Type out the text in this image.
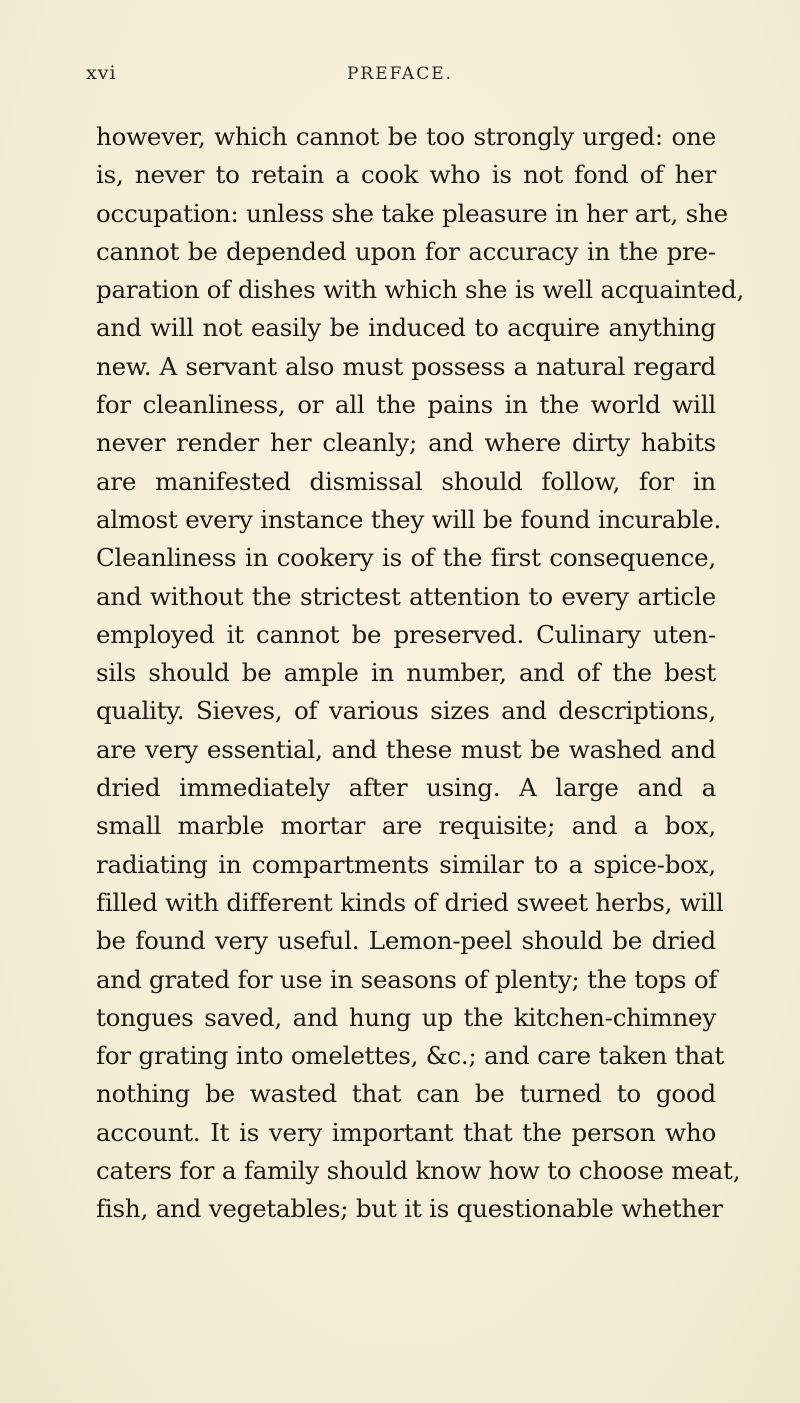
xvi	PREFACE.
however, which cannot be too strongly urged: one
is, never to retain a cook who is not fond of her
occupation: unless she take pleasure in her art, she
cannot be depended upon for accuracy in the pre-
paration of dishes with which she is well acquainted,
and will not easily be induced to acquire anything
new. A servant also must possess a natural regard
for cleanliness, or all the pains in the world will
never render her cleanly; and where dirty habits
are manifested dismissal should follow, for in
almost every instance they will be found incurable.
Cleanliness in cookery is of the first consequence,
and without the strictest attention to every article
employed it cannot be preserved. Culinary uten-
sils should be ample in number, and of the best
quality. Sieves, of various sizes and descriptions,
are very essential, and these must be washed and
dried immediately after using. A large and a
small marble mortar are requisite; and a box,
radiating in compartments similar to a spice-box,
filled with different kinds of dried sweet herbs, will
be found very useful. Lemon-peel should be dried
and grated for use in seasons of plenty; the tops of
tongues saved, and hung up the kitchen-chimney
for grating into omelettes, &c.; and care taken that
nothing be wasted that can be turned to good
account. It is very important that the person who
caters for a family should know how to choose meat,
fish, and vegetables; but it is questionable whether
